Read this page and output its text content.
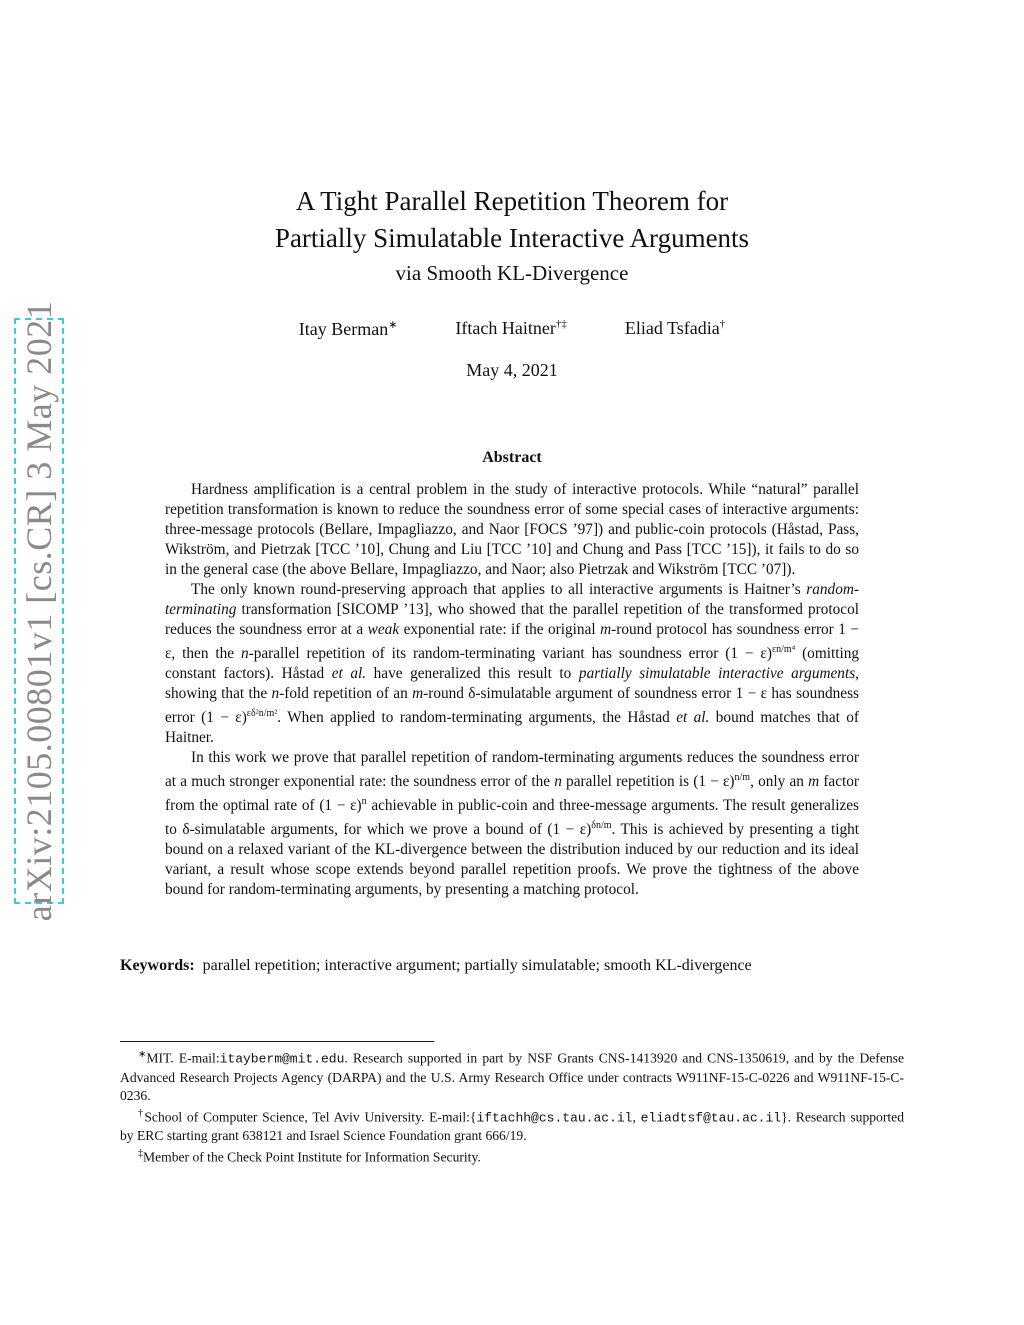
arXiv:2105.00801v1 [cs.CR] 3 May 2021
A Tight Parallel Repetition Theorem for
Partially Simulatable Interactive Arguments
via Smooth KL-Divergence
Itay Berman∗	Iftach Haitner†‡	Eliad Tsfadia†
May 4, 2021
Abstract

Hardness amplification is a central problem in the study of interactive protocols. While “natural” parallel repetition transformation is known to reduce the soundness error of some special cases of interactive arguments: three-message protocols (Bellare, Impagliazzo, and Naor [FOCS ’97]) and public-coin protocols (Håstad, Pass, Wikström, and Pietrzak [TCC ’10], Chung and Liu [TCC ’10] and Chung and Pass [TCC ’15]), it fails to do so in the general case (the above Bellare, Impagliazzo, and Naor; also Pietrzak and Wikström [TCC ’07]).

The only known round-preserving approach that applies to all interactive arguments is Haitner’s random-terminating transformation [SICOMP ’13], who showed that the parallel repetition of the transformed protocol reduces the soundness error at a weak exponential rate: if the original m-round protocol has soundness error 1 − ε, then the n-parallel repetition of its random-terminating variant has soundness error $(1 - \varepsilon)^{\varepsilon n/m^4}$ (omitting constant factors). Håstad et al. have generalized this result to partially simulatable interactive arguments, showing that the n-fold repetition of an m-round δ-simulatable argument of soundness error 1 − ε has soundness error $(1 - \varepsilon)^{\varepsilon\delta^2n/m^2}$. When applied to random-terminating arguments, the Håstad et al. bound matches that of Haitner.

In this work we prove that parallel repetition of random-terminating arguments reduces the soundness error at a much stronger exponential rate: the soundness error of the n parallel repetition is $(1 - \varepsilon)^{n/m}$, only an m factor from the optimal rate of $(1 - \varepsilon)^n$ achievable in public-coin and three-message arguments. The result generalizes to δ-simulatable arguments, for which we prove a bound of $(1 - \varepsilon)^{\delta n/m}$. This is achieved by presenting a tight bound on a relaxed variant of the KL-divergence between the distribution induced by our reduction and its ideal variant, a result whose scope extends beyond parallel repetition proofs. We prove the tightness of the above bound for random-terminating arguments, by presenting a matching protocol.

Keywords: parallel repetition; interactive argument; partially simulatable; smooth KL-divergence

∗MIT. E-mail:itayberm@mit.edu. Research supported in part by NSF Grants CNS-1413920 and CNS-1350619, and by the Defense Advanced Research Projects Agency (DARPA) and the U.S. Army Research Office under contracts W911NF-15-C-0226 and W911NF-15-C-0236.

†School of Computer Science, Tel Aviv University. E-mail:{iftachh@cs.tau.ac.il, eliadtsf@tau.ac.il}. Research supported by ERC starting grant 638121 and Israel Science Foundation grant 666/19.

‡Member of the Check Point Institute for Information Security.
